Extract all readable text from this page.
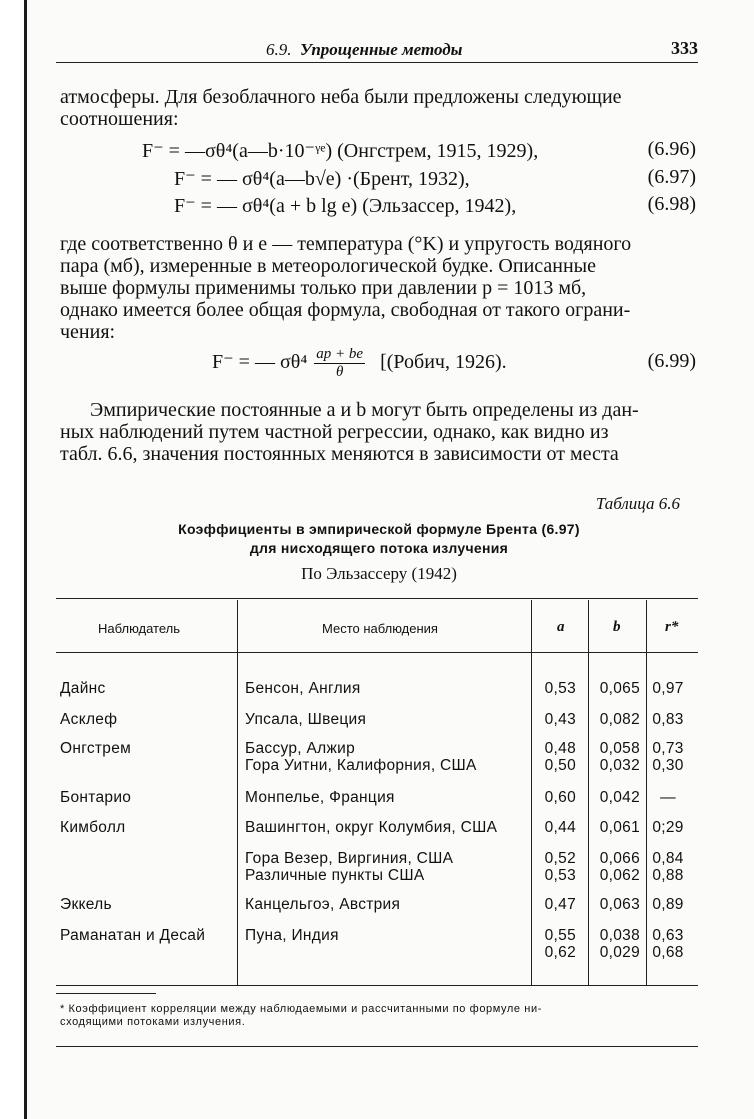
6.9. Упрощенные методы	333
атмосферы. Для безоблачного неба были предложены следующие
соотношения:
F⁻ = —σθ⁴(a—b·10⁻ᵞᵉ) (Онгстрем, 1915, 1929),	(6.96)
F⁻ = — σθ⁴(a—b√e) ·(Брент, 1932),	(6.97)
F⁻ = — σθ⁴(a + b lg e) (Эльзассер, 1942),	(6.98)
где соответственно θ и e — температура (°K) и упругость водяного
пара (мб), измеренные в метеорологической будке. Описанные
выше формулы применимы только при давлении p = 1013 мб,
однако имеется более общая формула, свободная от такого ограни-
чения:
F⁻ = — $\sigma\theta^4 \frac{ap + be}{\theta}$ [(Робич, 1926).	(6.99)
Эмпирические постоянные a и b могут быть определены из дан-
ных наблюдений путем частной регрессии, однако, как видно из
табл. 6.6, значения постоянных меняются в зависимости от места
Таблица 6.6
Коэффициенты в эмпирической формуле Брента (6.97)
для нисходящего потока излучения
По Эльзассеру (1942)
Наблюдатель	Место наблюдения	a	b	r*
Дайнс	Бенсон, Англия	0,53	0,065 0,97
Асклеф	Упсала, Швеция	0,43	0,082 0,83
Онгстрем	Бассур, Алжир	0,48	0,058 0,73
Гора Уитни, Калифорния, США	0,50	0,032 0,30
Бонтарио	Монпелье, Франция	0,60	0,042	—
Кимболл	Вашингтон, округ Колумбия, США	0,44	0,061 0;29
Гора Везер, Виргиния, США	0,52	0,066 0,84
Различные пункты США	0,53	0,062 0,88
Эккель	Канцельгоэ, Австрия	0,47	0,063 0,89
Раманатан и Десай	Пуна, Индия	0,55	0,038 0,63
0,62	0,029 0,68
* Коэффициент корреляции между наблюдаемыми и рассчитанными по формуле ни-
сходящими потоками излучения.
